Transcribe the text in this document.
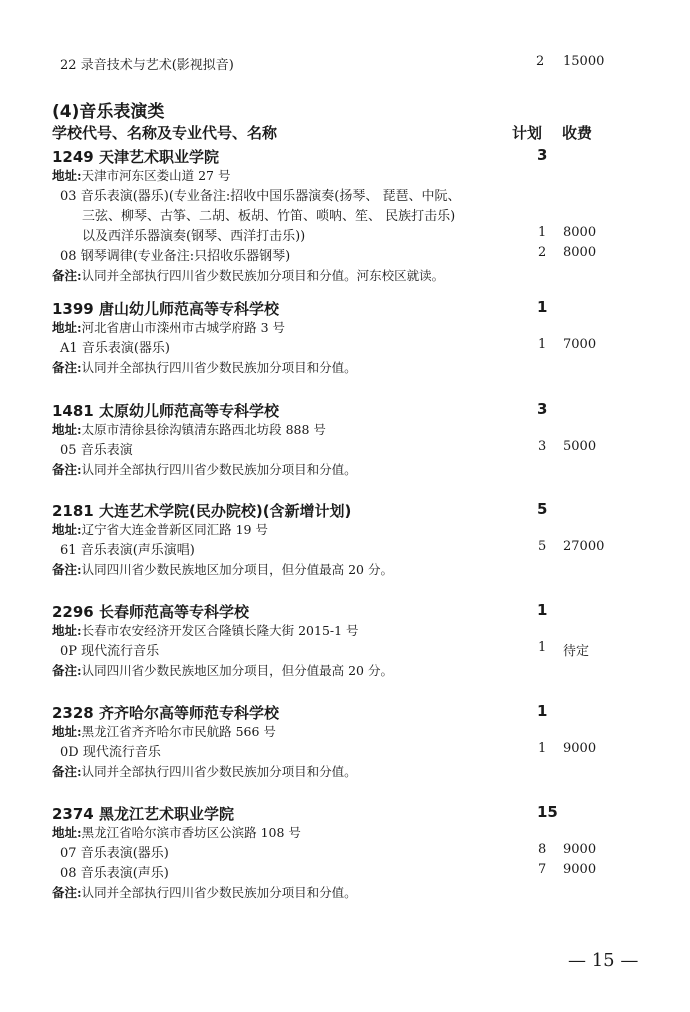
22 录音技术与艺术(影视拟音)	2 15000
(4)音乐表演类
学校代号、名称及专业代号、名称	计划 收费
1249 天津艺术职业学院	3
地址:天津市河东区娄山道 27 号
03 音乐表演(器乐)(专业备注:招收中国乐器演奏(扬琴、 琵琶、中阮、
三弦、柳琴、古筝、二胡、板胡、竹笛、唢呐、笙、 民族打击乐)
以及西洋乐器演奏(钢琴、西洋打击乐))	1 8000
08 钢琴调律(专业备注:只招收乐器钢琴)	2 8000
备注:认同并全部执行四川省少数民族加分项目和分值。河东校区就读。
1399 唐山幼儿师范高等专科学校	1
地址:河北省唐山市滦州市古城学府路 3 号
A1 音乐表演(器乐)	1 7000
备注:认同并全部执行四川省少数民族加分项目和分值。
1481 太原幼儿师范高等专科学校	3
地址:太原市清徐县徐沟镇清东路西北坊段 888 号
05 音乐表演	3 5000
备注:认同并全部执行四川省少数民族加分项目和分值。
2181 大连艺术学院(民办院校)(含新增计划)	5
地址:辽宁省大连金普新区同汇路 19 号
61 音乐表演(声乐演唱)	5 27000
备注:认同四川省少数民族地区加分项目，但分值最高 20 分。
2296 长春师范高等专科学校	1
地址:长春市农安经济开发区合隆镇长隆大街 2015-1 号
0P 现代流行音乐	1 待定
备注:认同四川省少数民族地区加分项目，但分值最高 20 分。
2328 齐齐哈尔高等师范专科学校	1
地址:黑龙江省齐齐哈尔市民航路 566 号
0D 现代流行音乐	1 9000
备注:认同并全部执行四川省少数民族加分项目和分值。
2374 黑龙江艺术职业学院	15
地址:黑龙江省哈尔滨市香坊区公滨路 108 号
07 音乐表演(器乐)	8 9000
08 音乐表演(声乐)	7 9000
备注:认同并全部执行四川省少数民族加分项目和分值。
— 15 —
